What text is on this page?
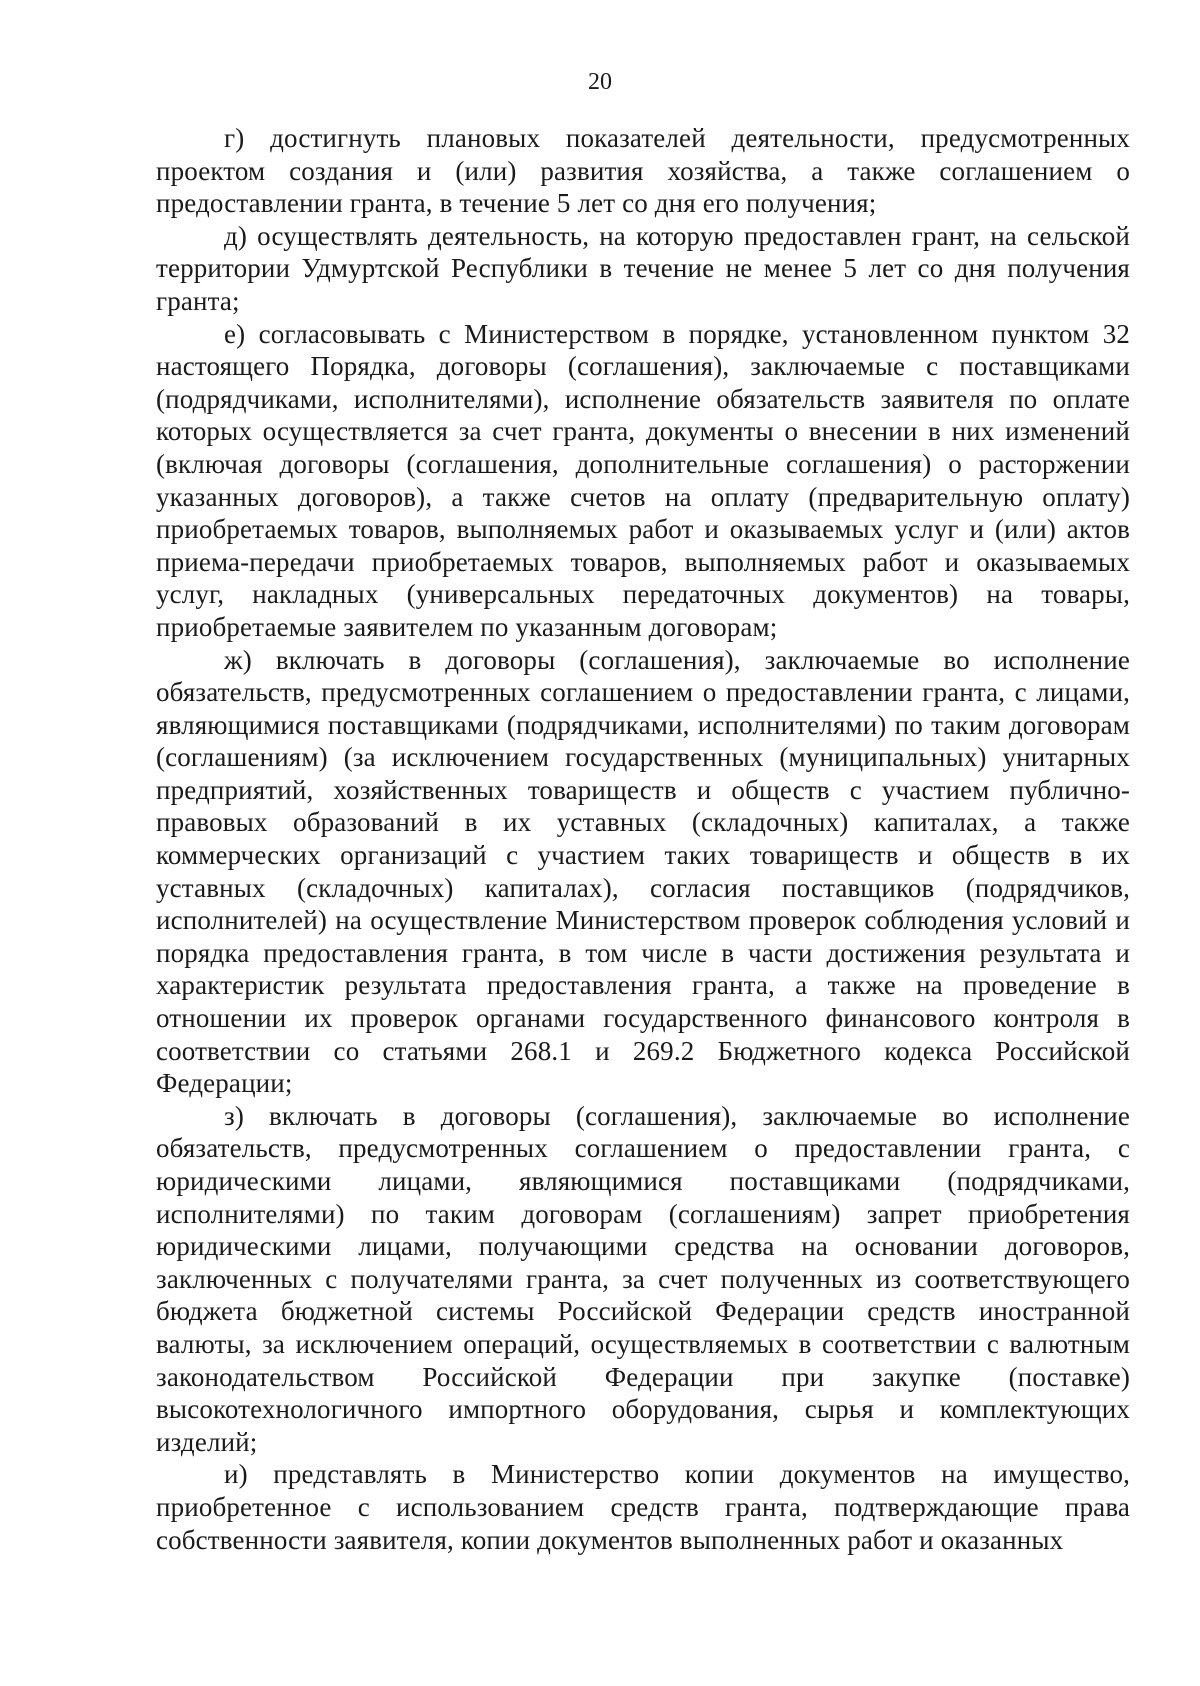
20

г) достигнуть плановых показателей деятельности, предусмотренных проектом создания и (или) развития хозяйства, а также соглашением о предоставлении гранта, в течение 5 лет со дня его получения;

д) осуществлять деятельность, на которую предоставлен грант, на сельской территории Удмуртской Республики в течение не менее 5 лет со дня получения гранта;

е) согласовывать с Министерством в порядке, установленном пунктом 32 настоящего Порядка, договоры (соглашения), заключаемые с поставщиками (подрядчиками, исполнителями), исполнение обязательств заявителя по оплате которых осуществляется за счет гранта, документы о внесении в них изменений (включая договоры (соглашения, дополнительные соглашения) о расторжении указанных договоров), а также счетов на оплату (предварительную оплату) приобретаемых товаров, выполняемых работ и оказываемых услуг и (или) актов приема-передачи приобретаемых товаров, выполняемых работ и оказываемых услуг, накладных (универсальных передаточных документов) на товары, приобретаемые заявителем по указанным договорам;

ж) включать в договоры (соглашения), заключаемые во исполнение обязательств, предусмотренных соглашением о предоставлении гранта, с лицами, являющимися поставщиками (подрядчиками, исполнителями) по таким договорам (соглашениям) (за исключением государственных (муниципальных) унитарных предприятий, хозяйственных товариществ и обществ с участием публично-правовых образований в их уставных (складочных) капиталах, а также коммерческих организаций с участием таких товариществ и обществ в их уставных (складочных) капиталах), согласия поставщиков (подрядчиков, исполнителей) на осуществление Министерством проверок соблюдения условий и порядка предоставления гранта, в том числе в части достижения результата и характеристик результата предоставления гранта, а также на проведение в отношении их проверок органами государственного финансового контроля в соответствии со статьями 268.1 и 269.2 Бюджетного кодекса Российской Федерации;

з) включать в договоры (соглашения), заключаемые во исполнение обязательств, предусмотренных соглашением о предоставлении гранта, с юридическими лицами, являющимися поставщиками (подрядчиками, исполнителями) по таким договорам (соглашениям) запрет приобретения юридическими лицами, получающими средства на основании договоров, заключенных с получателями гранта, за счет полученных из соответствующего бюджета бюджетной системы Российской Федерации средств иностранной валюты, за исключением операций, осуществляемых в соответствии с валютным законодательством Российской Федерации при закупке (поставке) высокотехнологичного импортного оборудования, сырья и комплектующих изделий;

и) представлять в Министерство копии документов на имущество, приобретенное с использованием средств гранта, подтверждающие права собственности заявителя, копии документов выполненных работ и оказанных
